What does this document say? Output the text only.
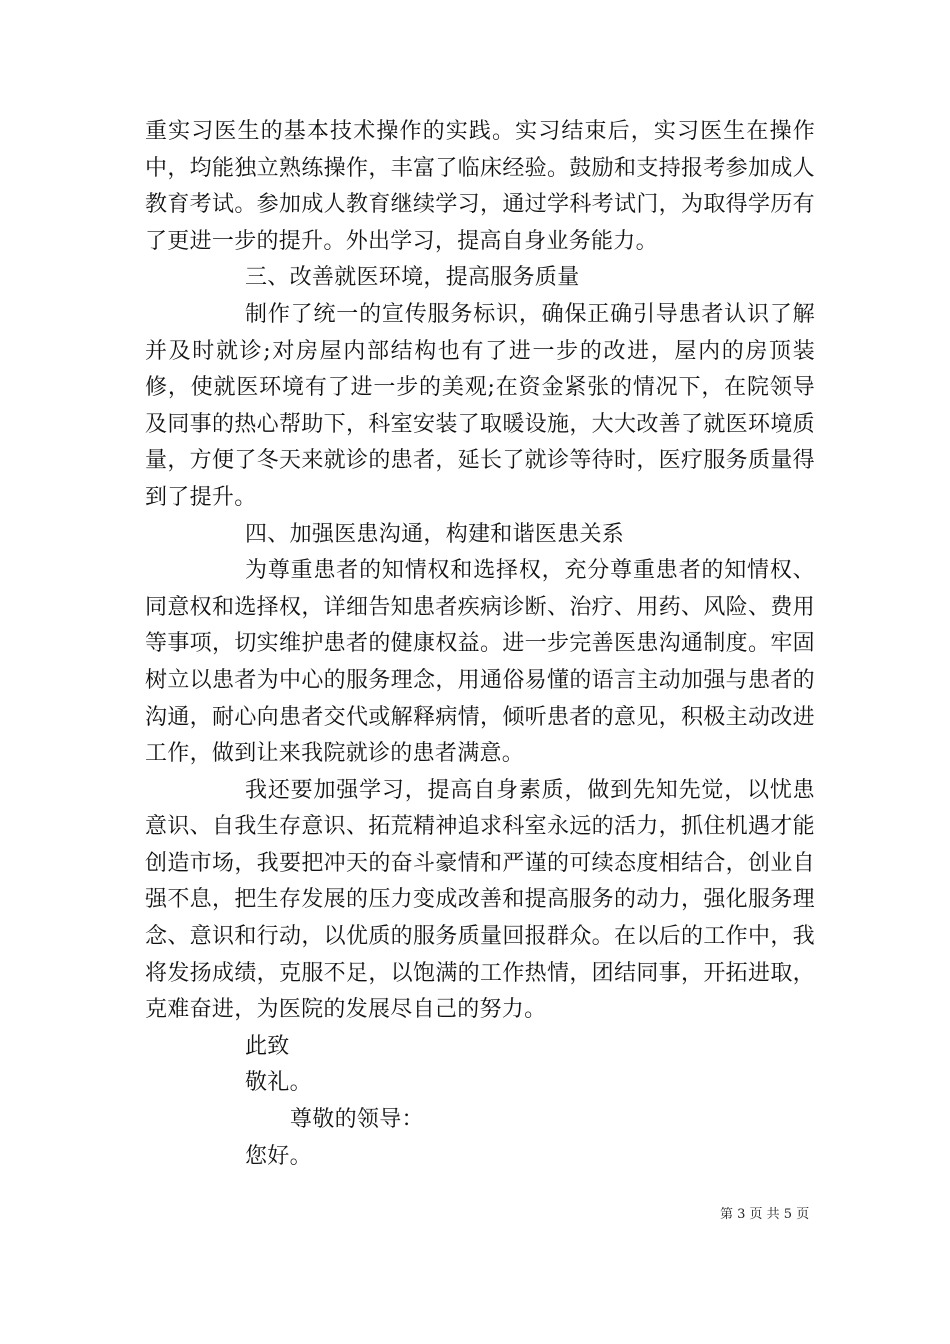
重实习医生的基本技术操作的实践。实习结束后，实习医生在操作中，均能独立熟练操作，丰富了临床经验。鼓励和支持报考参加成人教育考试。参加成人教育继续学习，通过学科考试门，为取得学历有了更进一步的提升。外出学习，提高自身业务能力。

三、改善就医环境，提高服务质量

制作了统一的宣传服务标识，确保正确引导患者认识了解并及时就诊;对房屋内部结构也有了进一步的改进，屋内的房顶装修，使就医环境有了进一步的美观;在资金紧张的情况下，在院领导及同事的热心帮助下，科室安装了取暖设施，大大改善了就医环境质量，方便了冬天来就诊的患者，延长了就诊等待时，医疗服务质量得到了提升。

四、加强医患沟通，构建和谐医患关系

为尊重患者的知情权和选择权，充分尊重患者的知情权、同意权和选择权，详细告知患者疾病诊断、治疗、用药、风险、费用等事项，切实维护患者的健康权益。进一步完善医患沟通制度。牢固树立以患者为中心的服务理念，用通俗易懂的语言主动加强与患者的沟通，耐心向患者交代或解释病情，倾听患者的意见，积极主动改进工作，做到让来我院就诊的患者满意。

我还要加强学习，提高自身素质，做到先知先觉，以忧患意识、自我生存意识、拓荒精神追求科室永远的活力，抓住机遇才能创造市场，我要把冲天的奋斗豪情和严谨的可续态度相结合，创业自强不息，把生存发展的压力变成改善和提高服务的动力，强化服务理念、意识和行动，以优质的服务质量回报群众。在以后的工作中，我将发扬成绩，克服不足，以饱满的工作热情，团结同事，开拓进取，克难奋进，为医院的发展尽自己的努力。

此致

敬礼。

尊敬的领导：

您好。

第 3 页 共 5 页
